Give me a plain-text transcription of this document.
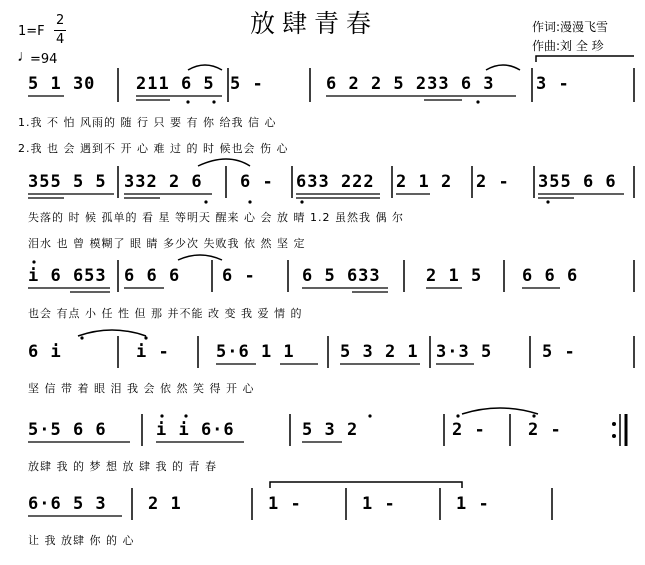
放肆青春	作词:漫漫飞雪
作曲:刘 全 珍
1=F
2
4
♩
=94
5 1 30 211 6 5 5 -	6 2 2 5 233 6 3 3 -
1.我 不 怕 风雨的 随 行 只 要 有 你 给我 信 心
2.我 也 会 遇到不 开 心 难 过 的 时 候也会 伤 心
355 5 5 332 2 6 6 - 633 222 2 1 2 2 - 355 6 6
失落的 时 候 孤单的 看 星 等明天 醒来 心 会 放 晴 1.2 虽然我 偶 尔
泪水 也 曾 模糊了 眼 睛 多少次 失败我 依 然 坚 定
i 6 653 6 6 6 6 -	6 5 633	2 1 5 6 6 6
也会 有点 小 任 性 但 那 并不能 改 变 我 爱 情 的
6 i	i -	5·6 1 1	5 3 2 1 3·3 5	5 -
坚 信 带 着 眼 泪 我 会 依 然 笑 得 开 心
5·5 6 6	i i 6·6	5 3 2	2 - 2 -
放肆 我 的 梦 想 放 肆 我 的 青 春
6·6 5 3 2 1	1 -	1 -	1 -
让 我 放肆 你 的 心
